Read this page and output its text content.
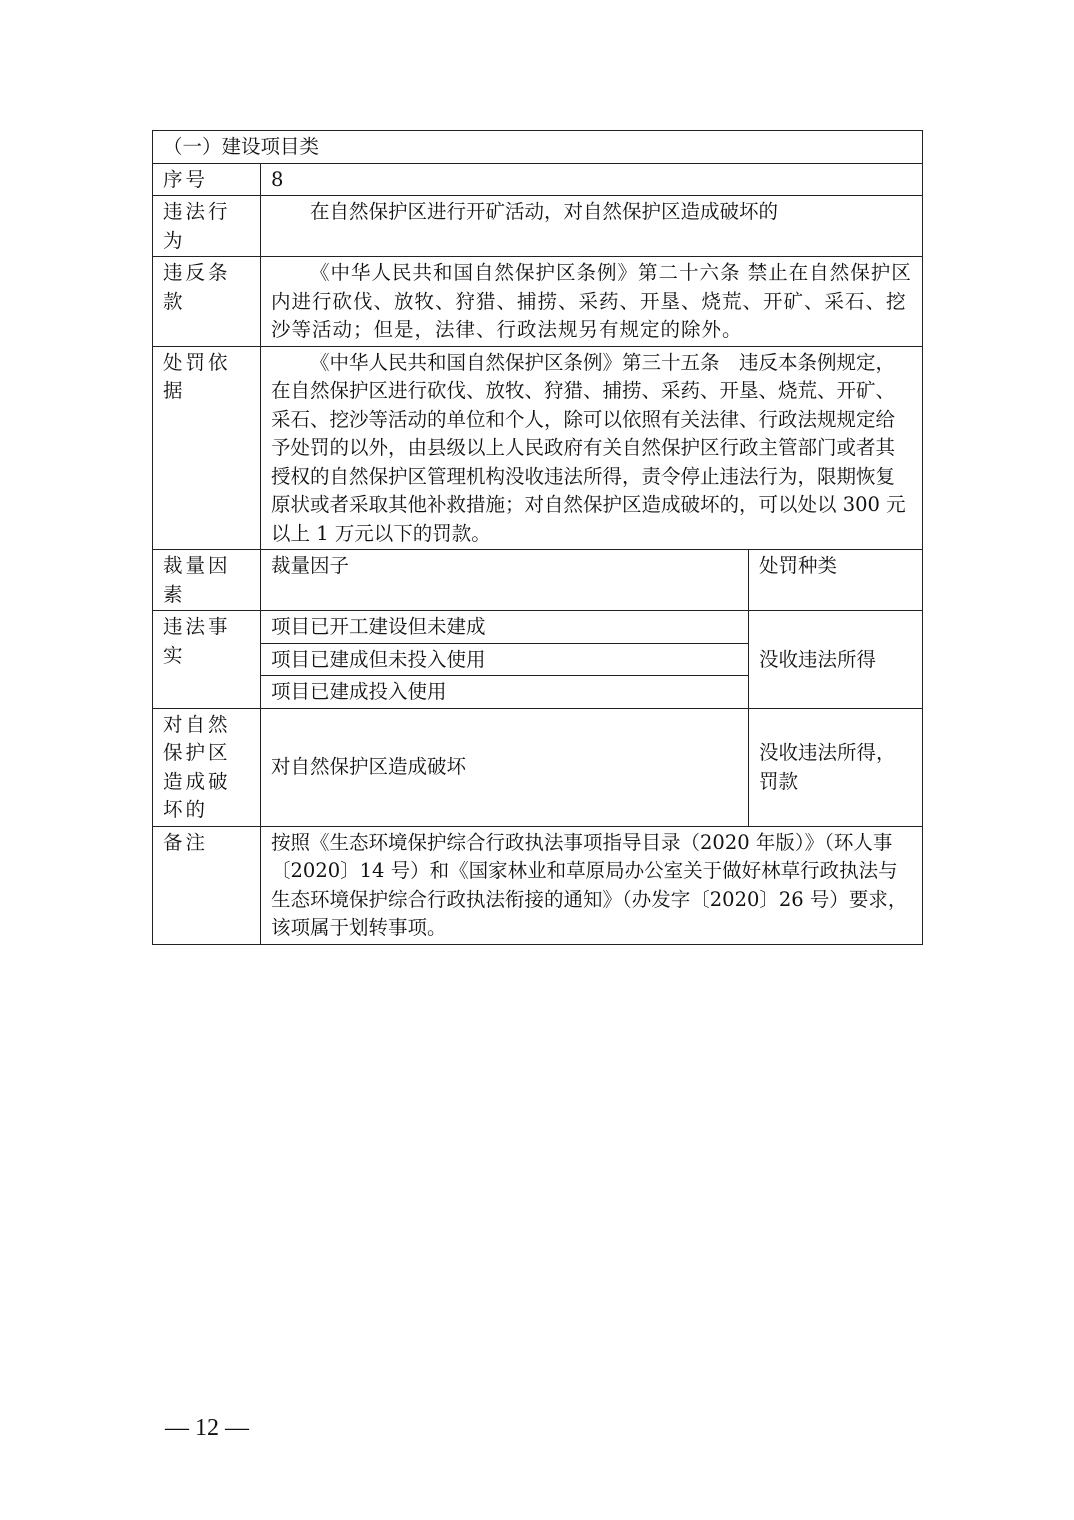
（一）建设项目类		
序号	8	
违法行为	在自然保护区进行开矿活动，对自然保护区造成破坏的	
违反条款	《中华人民共和国自然保护区条例》第二十六条 禁止在自然保护区内进行砍伐、放牧、狩猎、捕捞、采药、开垦、烧荒、开矿、采石、挖沙等活动；但是，法律、行政法规另有规定的除外。	
处罚依据	《中华人民共和国自然保护区条例》第三十五条　违反本条例规定，在自然保护区进行砍伐、放牧、狩猎、捕捞、采药、开垦、烧荒、开矿、采石、挖沙等活动的单位和个人，除可以依照有关法律、行政法规规定给予处罚的以外，由县级以上人民政府有关自然保护区行政主管部门或者其授权的自然保护区管理机构没收违法所得，责令停止违法行为，限期恢复原状或者采取其他补救措施；对自然保护区造成破坏的，可以处以 300 元以上 1 万元以下的罚款。	
裁量因素	裁量因子	处罚种类
违法事实	项目已开工建设但未建成	没收违法所得
	项目已建成但未投入使用	
	项目已建成投入使用	
对自然保护区造成破坏的	对自然保护区造成破坏	没收违法所得，罚款
备注	按照《生态环境保护综合行政执法事项指导目录（2020 年版）》（环人事〔2020〕14 号）和《国家林业和草原局办公室关于做好林草行政执法与生态环境保护综合行政执法衔接的通知》（办发字〔2020〕26 号）要求，该项属于划转事项。	
— 12 —
